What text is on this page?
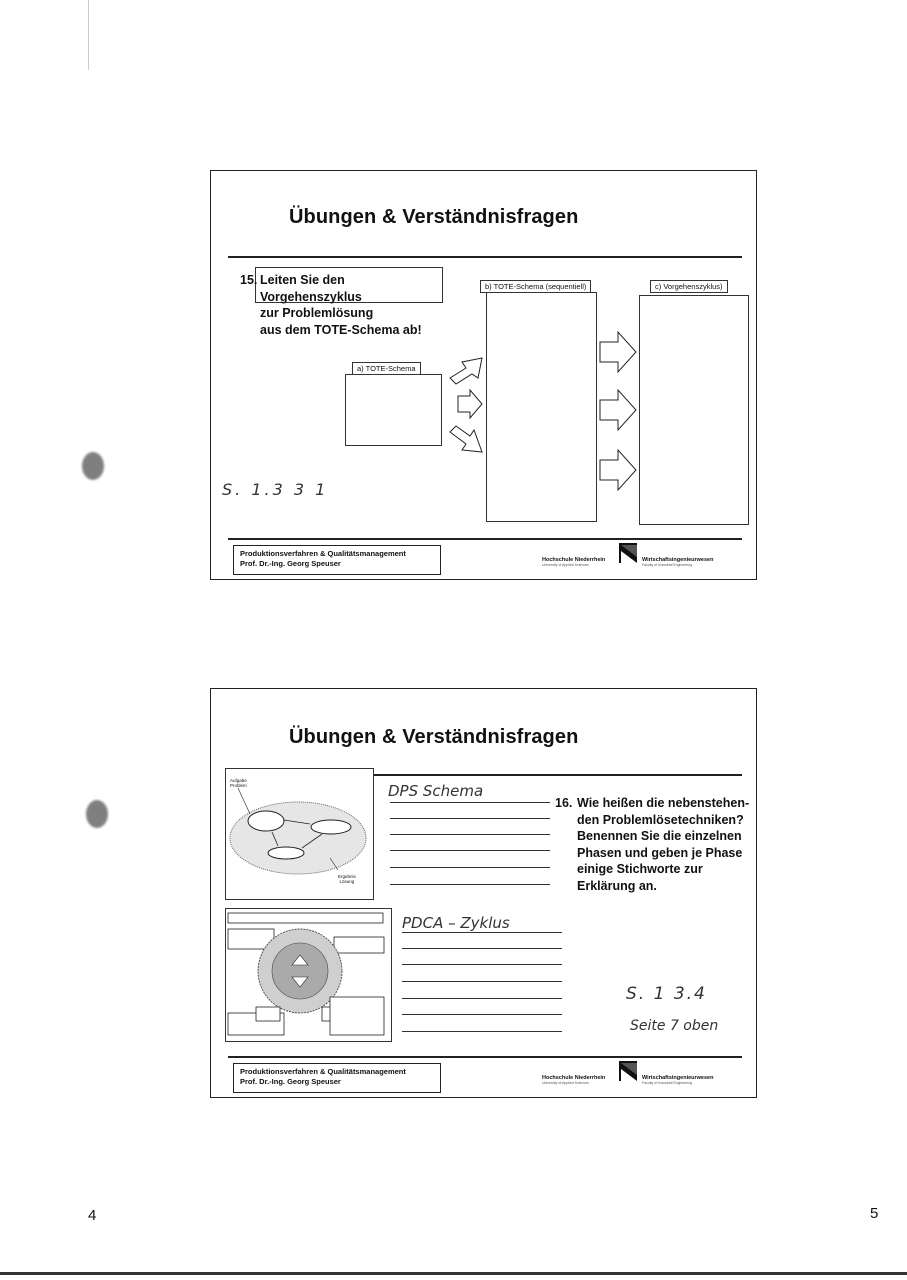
Übungen & Verständnisfragen
15. Leiten Sie den
Vorgehenszyklus
zur Problemlösung
aus dem TOTE-Schema ab!
a) TOTE-Schema
b) TOTE-Schema (sequentiell)	c) Vorgehenszyklus)
S. 1.3 3 1
Produktionsverfahren & Qualitätsmanagement
Prof. Dr.-Ing. Georg Speuser	Hochschule Niederrhein
University of Applied Sciences
Wirtschaftsingenieurwesen
Faculty of Industrial Engineering
Übungen & Verständnisfragen
Aufgabe
Problem
Ergebnis
Lösung
DPS Schema
PDCA – Zyklus
16. Wie heißen die nebenstehen-
den Problemlösetechniken?
Benennen Sie die einzelnen
Phasen und geben je Phase
einige Stichworte zur
Erklärung an.
S. 1 3.4
Seite 7 oben
Produktionsverfahren & Qualitätsmanagement
Prof. Dr.-Ing. Georg Speuser	Hochschule Niederrhein
University of Applied Sciences
Wirtschaftsingenieurwesen
Faculty of Industrial Engineering
4	5
